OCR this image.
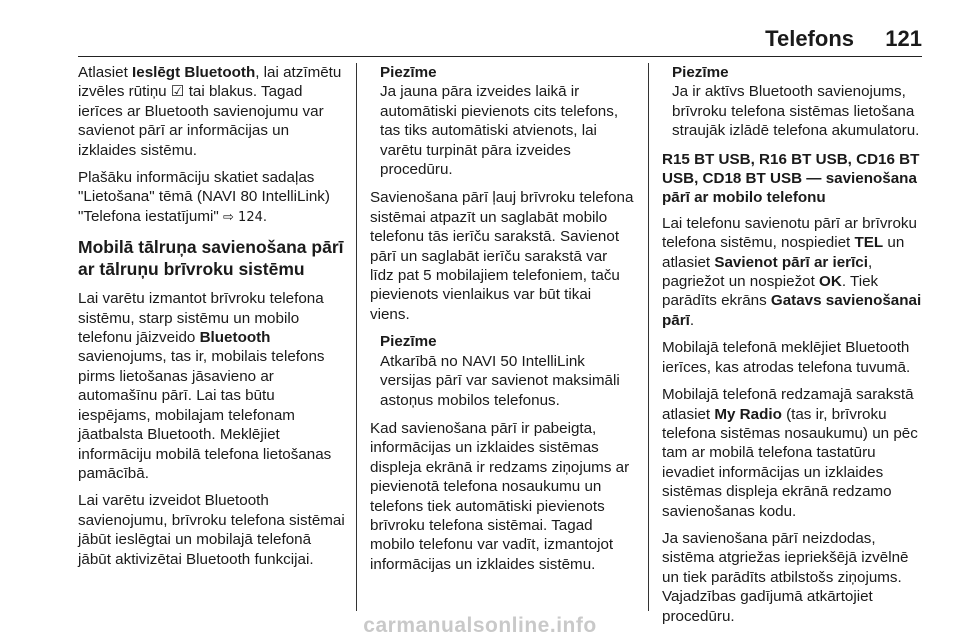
Telefons 121

Atlasiet Ieslēgt Bluetooth, lai atzīmētu izvēles rūtiņu ☑ tai blakus. Tagad ierīces ar Bluetooth savienojumu var savienot pārī ar informācijas un izklaides sistēmu.

Plašāku informāciju skatiet sadaļas "Lietošana" tēmā (NAVI 80 IntelliLink) "Telefona iestatījumi" ⇨ 124.

Mobilā tālruņa savienošana pārī ar tālruņu brīvroku sistēmu

Lai varētu izmantot brīvroku telefona sistēmu, starp sistēmu un mobilo telefonu jāizveido Bluetooth savienojums, tas ir, mobilais telefons pirms lietošanas jāsavieno ar automašīnu pārī. Lai tas būtu iespējams, mobilajam telefonam jāatbalsta Bluetooth. Meklējiet informāciju mobilā telefona lietošanas pamācībā.

Lai varētu izveidot Bluetooth savienojumu, brīvroku telefona sistēmai jābūt ieslēgtai un mobilajā telefonā jābūt aktivizētai Bluetooth funkcijai.

Piezīme
Ja jauna pāra izveides laikā ir automātiski pievienots cits telefons, tas tiks automātiski atvienots, lai varētu turpināt pāra izveides procedūru.

Savienošana pārī ļauj brīvroku telefona sistēmai atpazīt un saglabāt mobilo telefonu tās ierīču sarakstā. Savienot pārī un saglabāt ierīču sarakstā var līdz pat 5 mobilajiem telefoniem, taču pievienots vienlaikus var būt tikai viens.

Piezīme
Atkarībā no NAVI 50 IntelliLink versijas pārī var savienot maksimāli astoņus mobilos telefonus.

Kad savienošana pārī ir pabeigta, informācijas un izklaides sistēmas displeja ekrānā ir redzams ziņojums ar pievienotā telefona nosaukumu un telefons tiek automātiski pievienots brīvroku telefona sistēmai. Tagad mobilo telefonu var vadīt, izmantojot informācijas un izklaides sistēmu.

Piezīme
Ja ir aktīvs Bluetooth savienojums, brīvroku telefona sistēmas lietošana straujāk izlādē telefona akumulatoru.
R15 BT USB, R16 BT USB, CD16 BT USB, CD18 BT USB — savienošana pārī ar mobilo telefonu

Lai telefonu savienotu pārī ar brīvroku telefona sistēmu, nospiediet TEL un atlasiet Savienot pārī ar ierīci, pagriežot un nospiežot OK. Tiek parādīts ekrāns Gatavs savienošanai pārī.

Mobilajā telefonā meklējiet Bluetooth ierīces, kas atrodas telefona tuvumā.

Mobilajā telefonā redzamajā sarakstā atlasiet My Radio (tas ir, brīvroku telefona sistēmas nosaukumu) un pēc tam ar mobilā telefona tastatūru ievadiet informācijas un izklaides sistēmas displeja ekrānā redzamo savienošanas kodu.

Ja savienošana pārī neizdodas, sistēma atgriežas iepriekšējā izvēlnē un tiek parādīts atbilstošs ziņojums. Vajadzības gadījumā atkārtojiet procedūru.

carmanualsonline.info
